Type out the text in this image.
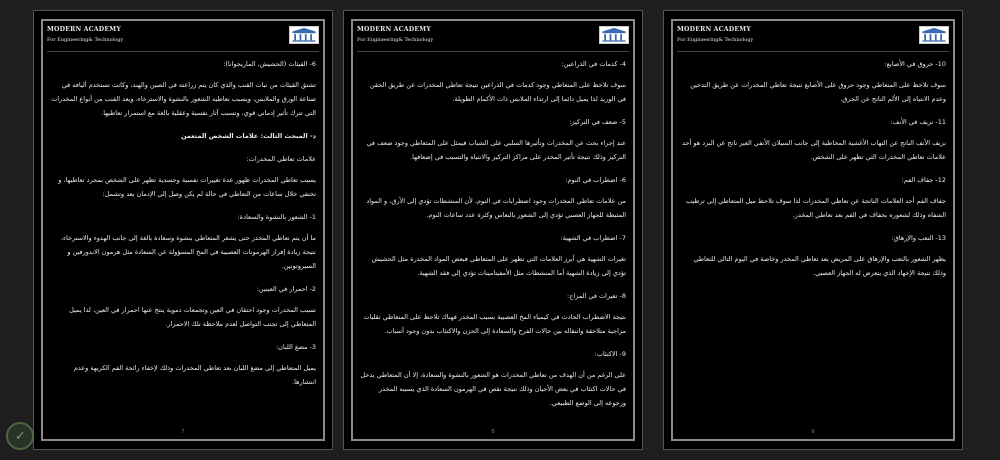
MODERN ACADEMY
For Engineering& Technology

6- القيئات (الحشيش، الماريجوانا):

تشتق القيئات من نبات القنب والذي كان يتم زراعته في الصين والهند، وكانت تستخدم أليافه في صناعة الورق والملابس، ويسبب تعاطيه الشعور بالنشوة والاسترخاء، ويعد القنب من أنواع المخدرات التي تترك تأثير إدماني قوي، وتسبب آثار نفسية وعقلية بالغة مع استمرار تعاطيها.

د- المبحث الثالث: علامات الشخص المتعمن

علامات تعاطي المخدرات:

يسبب تعاطي المخدرات ظهور عدة تغييرات نفسية وجسدية تظهر على الشخص بمجرد تعاطيها، و تختفي خلال ساعات من التعاطي في حالة لم يكن وصل إلى الإدمان بعد وتشمل:

1- الشعور بالنشوة والسعادة:

ما أن يتم تعاطي المخدر حتى يشعر المتعاطي بنشوة وسعادة بالغة إلى جانب الهدوء والاسترخاء، نتيجة زيادة إفراز الهرمونات العصبية في المخ المسؤولة عن السعادة مثل هرمون الاندورفين و السيروتونين.

2- احمرار في العينين:

تسبب المخدرات وجود احتقان في العين وتجمعات دموية ينتج عنها احمرار في العين، لذا يميل المتعاطي إلى تجنب التواصل لعدم ملاحظة تلك الاحمرار.

3- مضغ اللبان:

يميل المتعاطي إلى مضغ اللبان بعد تعاطي المخدرات وذلك لإخفاء رائحة الفم الكريهة وعدم انتشارها.

7
MODERN ACADEMY
For Engineering& Technology

4- كدمات في الذراعين:

سوف تلاحظ على المتعاطي وجود كدمات في الذراعين نتيجة تعاطي المخدرات عن طريق الحقن في الوريد لذا يميل دائما إلى ارتداء الملابس ذات الأكمام الطويلة.

5- ضعف في التركيز:

عند إجراء بحث عن المخدرات وتأثيرها السلبي على الشباب فيمثل على المتعاطي وجود ضعف في التركيز وذلك نتيجة تأثير المخدر على مراكز التركيز والانتباه والتسبب في إضعافها.

6- اضطراب في النوم:

من علامات تعاطي المخدرات وجود اضطرابات في النوم، لأن المنشطات تؤدي إلى الأرق، و المواد المثبطة للجهاز العصبي تؤدي إلى الشعور بالنعاس وكثرة عدد ساعات النوم.

7- اضطراب في الشهية:

تغيرات الشهية هي أبرز العلامات التي تظهر على المتعاطي فبعض المواد المخدرة مثل الحشيش تؤدي إلى زيادة الشهية أما المنشطات مثل الأمفيتامينات تؤدي إلى فقد الشهية.

8- تغيرات في المزاج:

نتيجة الاضطراب الحادث في كيمياء المخ العصبية بسبب المخدر فهناك تلاحظ على المتعاطي تقلبات مزاجية متلاحقة وانتقاله بين حالات الفرح والسعادة إلى الحزن والاكتئاب بدون وجود أسباب.

9- الاكتئاب:

على الرغم من أن الهدف من تعاطي المخدرات هو الشعور بالنشوة والسعادة، إلا أن المتعاطي يدخل في حالات اكتئاب في بعض الأحيان وذلك نتيجة نقص في الهرمون السعادة الذي يسببه المخدر ورجوعه إلى الوضع الطبيعي.

8
MODERN ACADEMY
For Engineering& Technology

10- حروق في الأصابع:

سوف تلاحظ على المتعاطي وجود حروق على الأصابع نتيجة تعاطي المخدرات عن طريق التدخين وعدم الانتباه إلى الألم الناتج عن الحرق.

11- نزيف في الأنف:

نزيف الأنف الناتج عن التهاب الأغشية المخاطية إلى جانب السيلان الأنفي الغير ناتج عن البرد هو أحد علامات تعاطي المخدرات التي تظهر على الشخص.

12- جفاف الفم:

جفاف الفم أحد العلامات الناتجة عن تعاطي المخدرات لذا سوف تلاحظ ميل المتعاطي إلى ترطيب الشفاه وذلك لشعوره بجفاف في الفم بعد تعاطي المخدر.

13- التعب والإرهاق:

يظهر الشعور بالتعب والإرهاق على المريض بعد تعاطي المخدر وخاصة في اليوم التالي للتعاطي وذلك نتيجة الإجهاد الذي يتعرض له الجهاز العصبي.

9
✓
